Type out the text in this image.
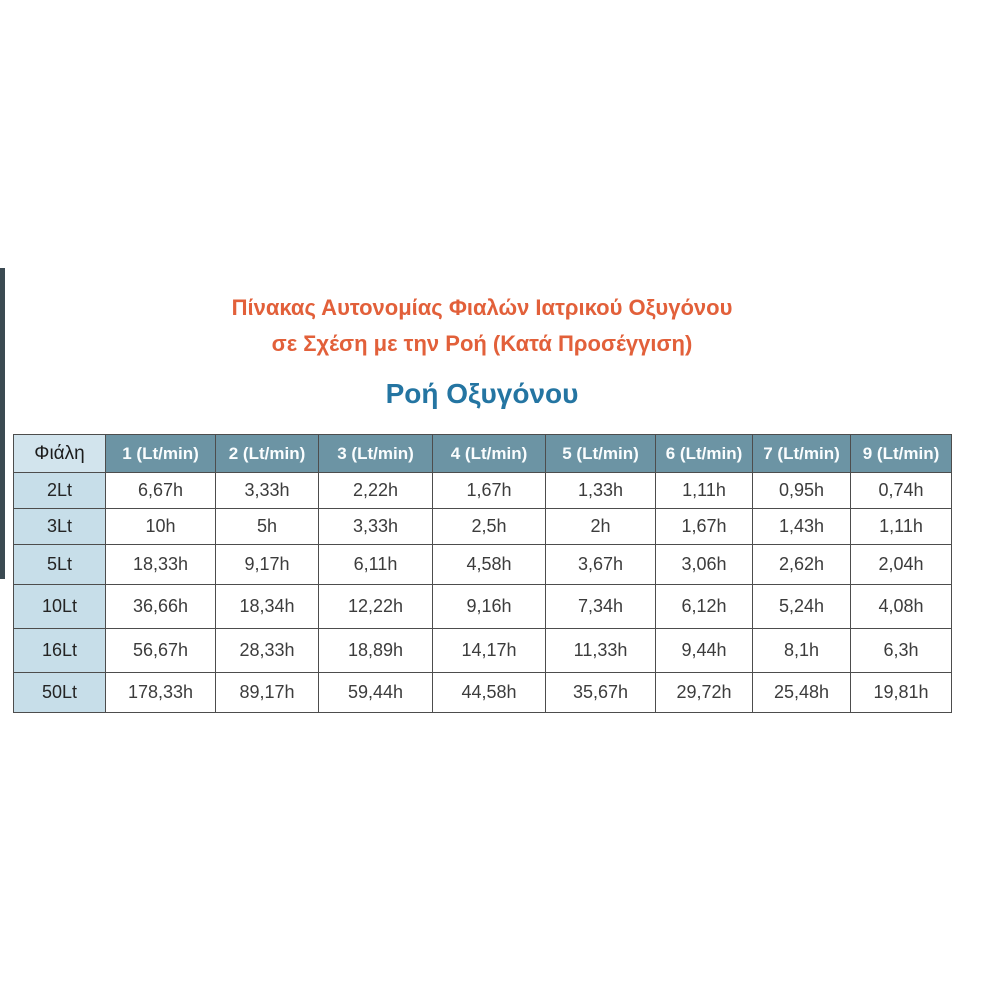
Πίνακας Αυτονομίας Φιαλών Ιατρικού Οξυγόνου
σε Σχέση με την Ροή (Κατά Προσέγγιση)
Ροή Οξυγόνου
Φιάλη	1 (Lt/min)	2 (Lt/min)	3 (Lt/min)	4 (Lt/min)	5 (Lt/min)	6 (Lt/min)	7 (Lt/min)	9 (Lt/min)
2Lt	6,67h	3,33h	2,22h	1,67h	1,33h	1,11h	0,95h	0,74h
3Lt	10h	5h	3,33h	2,5h	2h	1,67h	1,43h	1,11h
5Lt	18,33h	9,17h	6,11h	4,58h	3,67h	3,06h	2,62h	2,04h
10Lt	36,66h	18,34h	12,22h	9,16h	7,34h	6,12h	5,24h	4,08h
16Lt	56,67h	28,33h	18,89h	14,17h	11,33h	9,44h	8,1h	6,3h
50Lt	178,33h	89,17h	59,44h	44,58h	35,67h	29,72h	25,48h	19,81h
